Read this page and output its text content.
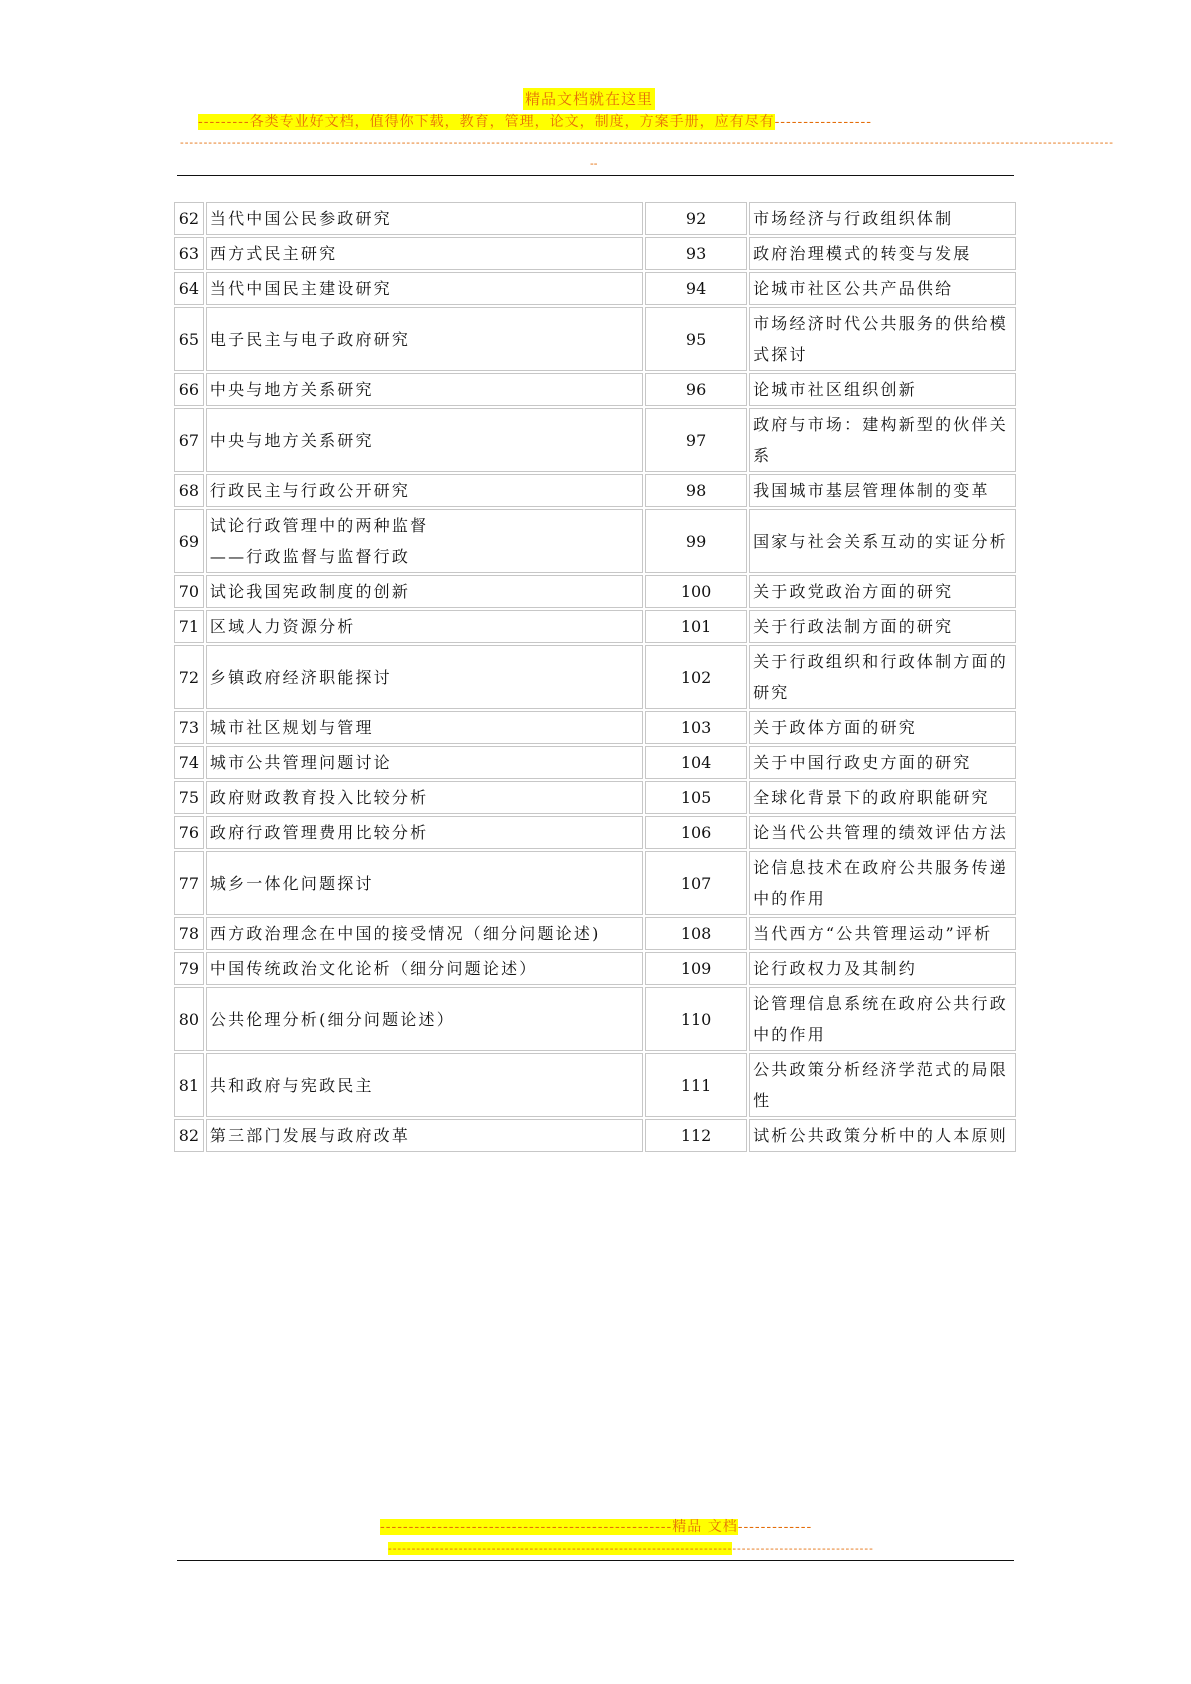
精品文档就在这里
---------各类专业好文档，值得你下载，教育，管理，论文，制度，方案手册，应有尽有-----------------
------------------------------------------------------------------------------------------------------------------------------------------------------------------------------------------------------
--
62	当代中国公民参政研究	92	市场经济与行政组织体制

63	西方式民主研究	93	政府治理模式的转变与发展

64	当代中国民主建设研究	94	论城市社区公共产品供给

65	电子民主与电子政府研究	95	市场经济时代公共服务的供给模
式探讨

66	中央与地方关系研究	96	论城市社区组织创新

67	中央与地方关系研究	97	政府与市场：建构新型的伙伴关系

68	行政民主与行政公开研究	98	我国城市基层管理体制的变革

69	试论行政管理中的两种监督
——行政监督与监督行政	99	国家与社会关系互动的实证分析

70	试论我国宪政制度的创新	100	关于政党政治方面的研究

71	区域人力资源分析	101	关于行政法制方面的研究

72	乡镇政府经济职能探讨	102	关于行政组织和行政体制方面的
研究

73	城市社区规划与管理	103	关于政体方面的研究

74	城市公共管理问题讨论	104	关于中国行政史方面的研究

75	政府财政教育投入比较分析	105	全球化背景下的政府职能研究

76	政府行政管理费用比较分析	106	论当代公共管理的绩效评估方法

77	城乡一体化问题探讨	107	论信息技术在政府公共服务传递
中的作用

78	西方政治理念在中国的接受情况（细分问题论述)	108	当代西方“公共管理运动”评析

79	中国传统政治文化论析（细分问题论述）	109	论行政权力及其制约

80	公共伦理分析(细分问题论述）	110	论管理信息系统在政府公共行政
中的作用

81	共和政府与宪政民主	111	公共政策分析经济学范式的局限
性

82	第三部门发展与政府改革	112	试析公共政策分析中的人本原则
---------------------------------------------------精品 文档-------------
-------------------------------------------------------------------------------------------------------
